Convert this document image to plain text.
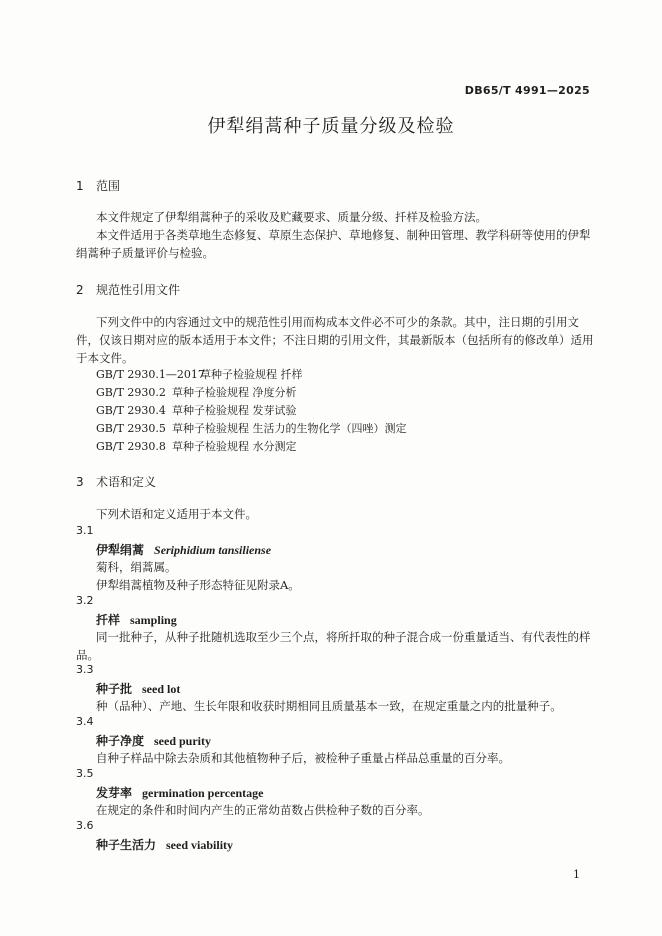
DB65/T 4991—2025
伊犁绢蒿种子质量分级及检验
1 范围
本文件规定了伊犁绢蒿种子的采收及贮藏要求、质量分级、扦样及检验方法。
本文件适用于各类草地生态修复、草原生态保护、草地修复、制种田管理、教学科研等使用的伊犁绢蒿种子质量评价与检验。
2 规范性引用文件
下列文件中的内容通过文中的规范性引用而构成本文件必不可少的条款。其中，注日期的引用文件，仅该日期对应的版本适用于本文件；不注日期的引用文件，其最新版本（包括所有的修改单）适用于本文件。
GB/T 2930.1—2017草种子检验规程 扦样
GB/T 2930.2 草种子检验规程 净度分析
GB/T 2930.4 草种子检验规程 发芽试验
GB/T 2930.5 草种子检验规程 生活力的生物化学（四唑）测定
GB/T 2930.8 草种子检验规程 水分测定
3 术语和定义
下列术语和定义适用于本文件。
3.1
伊犁绢蒿 Seriphidium tansiliense
菊科，绢蒿属。
伊犁绢蒿植物及种子形态特征见附录A。
3.2
扦样 sampling
同一批种子，从种子批随机选取至少三个点，将所扦取的种子混合成一份重量适当、有代表性的样品。
3.3
种子批 seed lot
种（品种）、产地、生长年限和收获时期相同且质量基本一致，在规定重量之内的批量种子。
3.4
种子净度 seed purity
自种子样品中除去杂质和其他植物种子后，被检种子重量占样品总重量的百分率。
3.5
发芽率 germination percentage
在规定的条件和时间内产生的正常幼苗数占供检种子数的百分率。
3.6
种子生活力 seed viability
1
